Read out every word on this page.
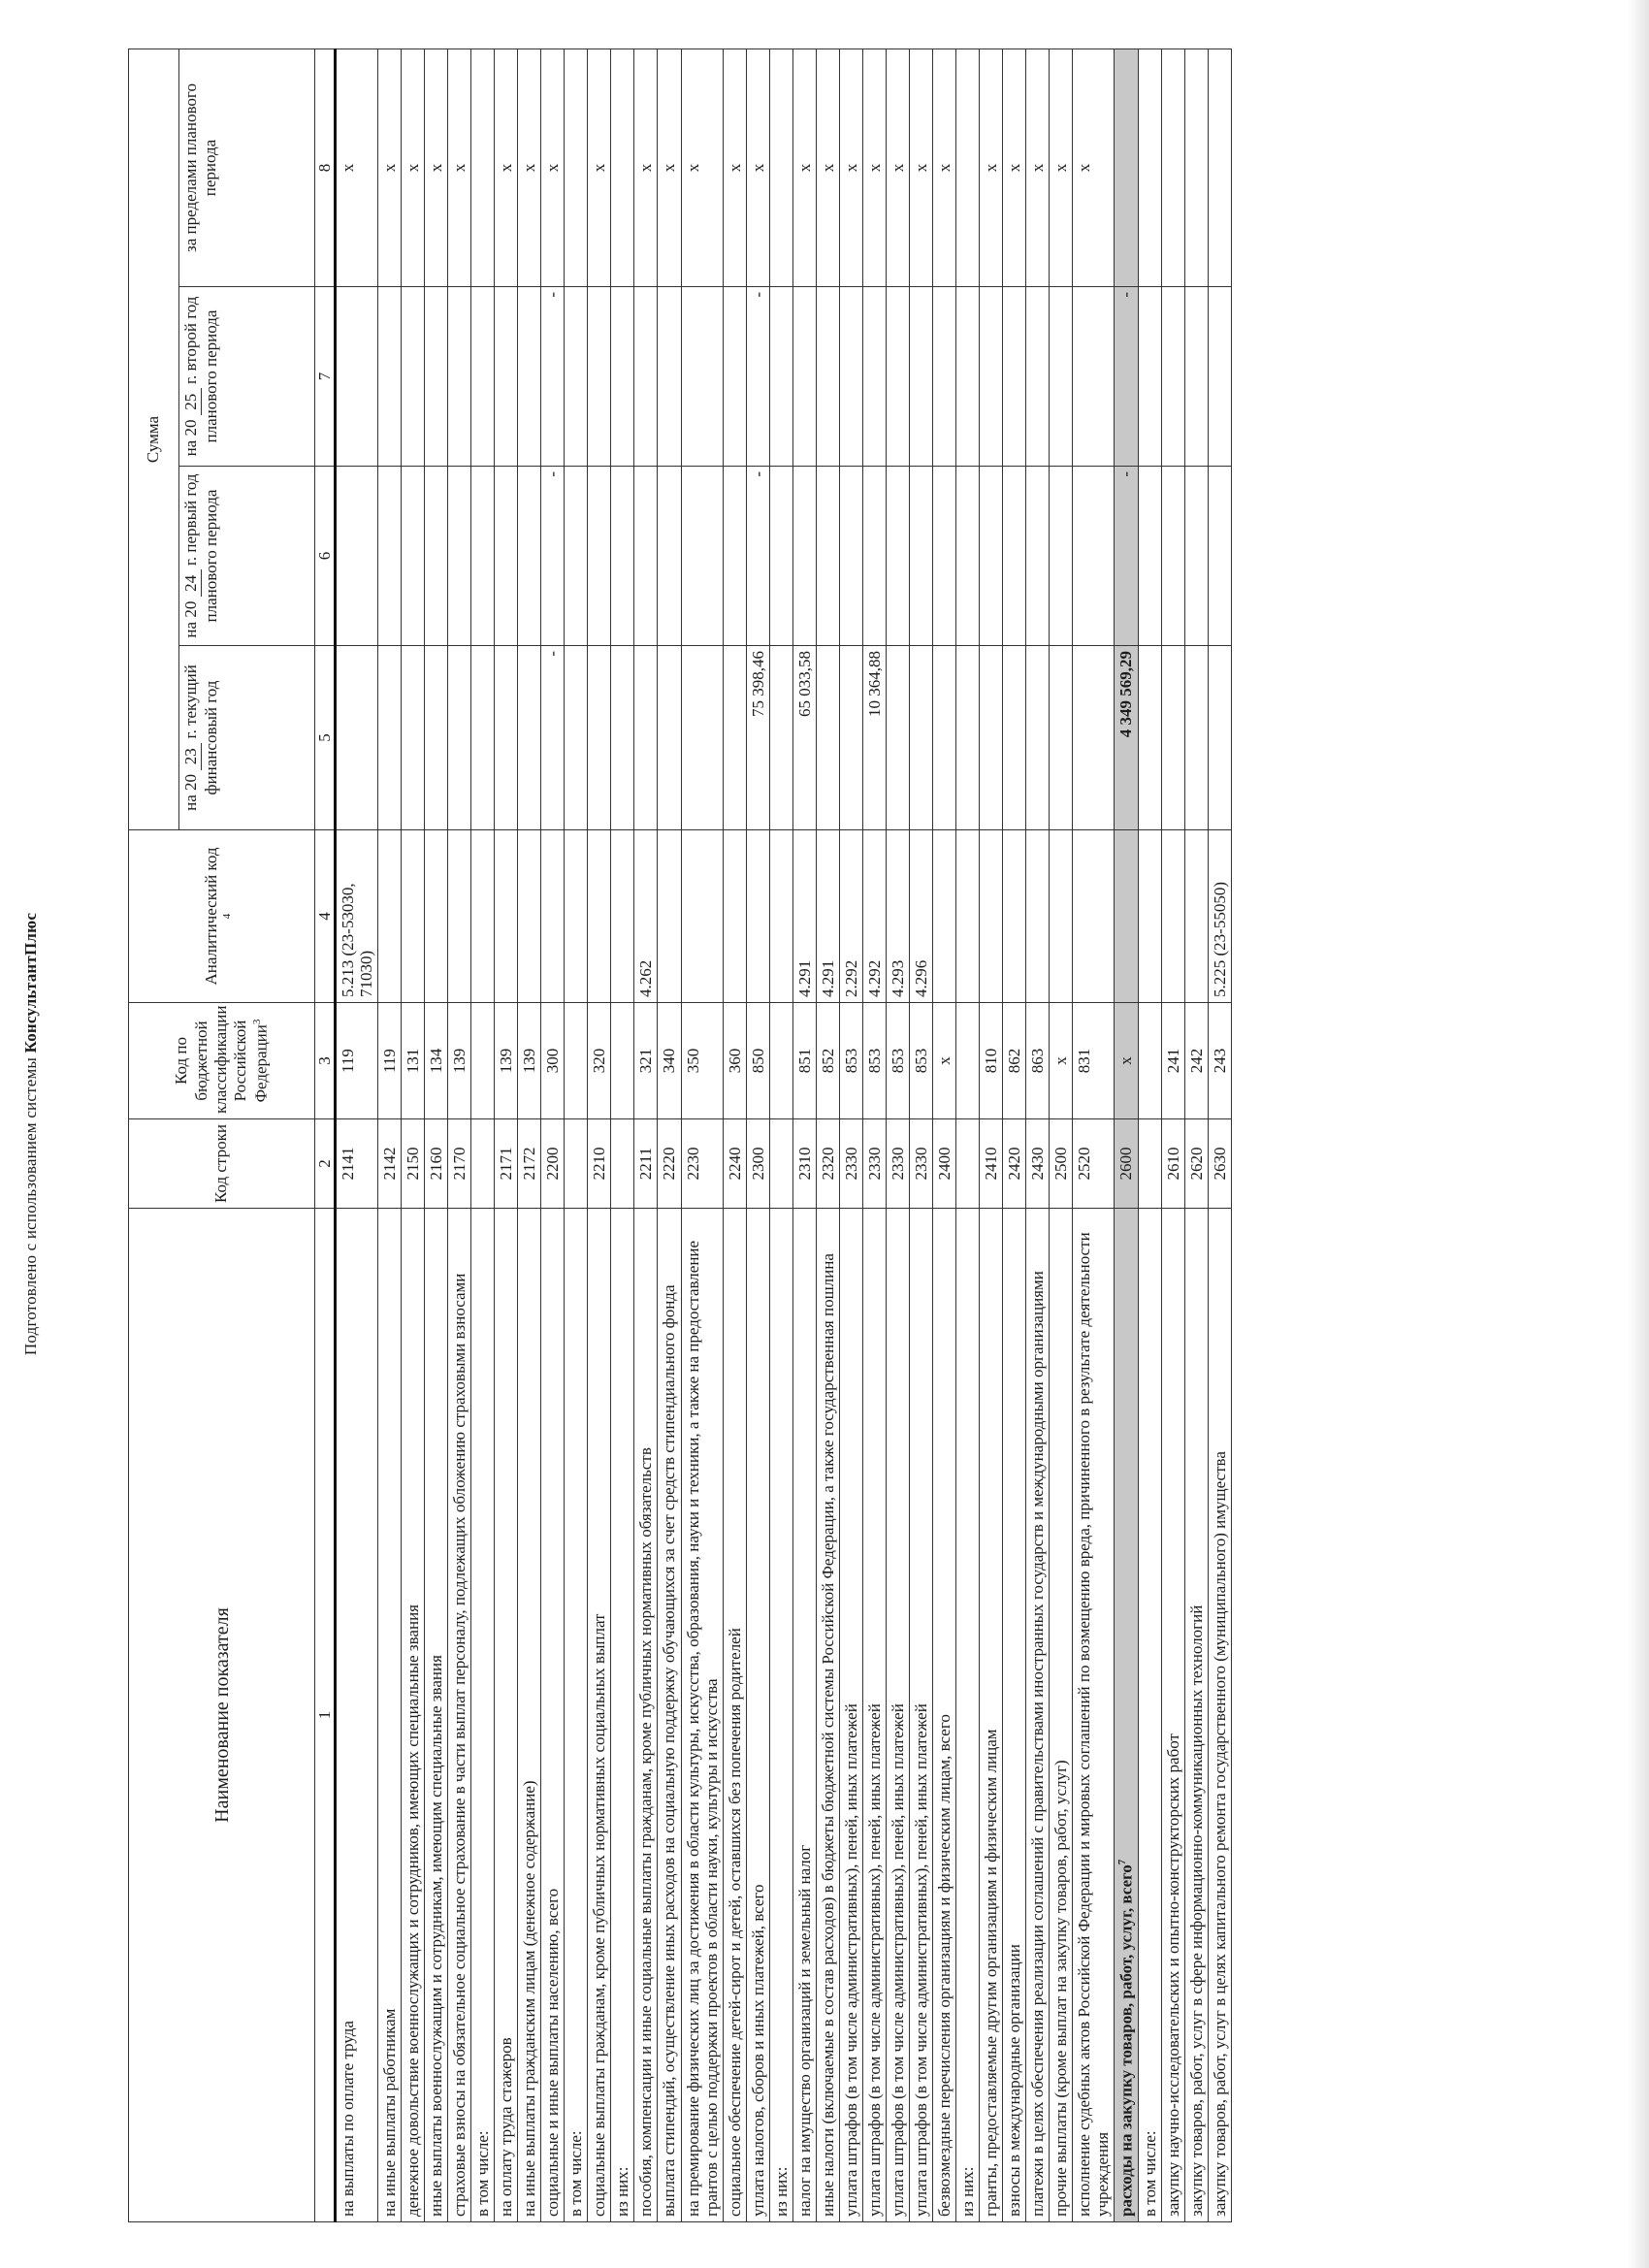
Подготовлено с использованием системы КонсультантПлюс
Наименование показателя	Код строки	Код по бюджетной классификации Российской Федерации$^3$	Аналитический код
$^4$	Сумма			
				на 20 23 г. текущий финансовый год	на 20 24 г. первый год планового периода	на 20 25 г. второй год планового периода	за пределами планового периода
1	2	3	4	5	6	7	8
на выплаты по оплате труда	2141	119	5.213 (23-53030, 71030)				x
на иные выплаты работникам	2142	119					x
денежное довольствие военнослужащих и сотрудников, имеющих специальные звания	2150	131					x
иные выплаты военнослужащим и сотрудникам, имеющим специальные звания	2160	134					x
страховые взносы на обязательное социальное страхование в части выплат персоналу, подлежащих обложению страховыми взносами	2170	139					x
в том числе:							
на оплату труда стажеров	2171	139					x
на иные выплаты гражданским лицам (денежное содержание)	2172	139					x
социальные и иные выплаты населению, всего	2200	300		-	-	-	x
в том числе:							
социальные выплаты гражданам, кроме публичных нормативных социальных выплат	2210	320					x
из них:							
пособия, компенсации и иные социальные выплаты гражданам, кроме публичных нормативных обязательств	2211	321	4.262				x
выплата стипендий, осуществление иных расходов на социальную поддержку обучающихся за счет средств стипендиального фонда	2220	340					x
на премирование физических лиц за достижения в области культуры, искусства, образования, науки и техники, а также на предоставление грантов с целью поддержки проектов в области науки, культуры и искусства	2230	350					x
социальное обеспечение детей-сирот и детей, оставшихся без попечения родителей	2240	360					x
уплата налогов, сборов и иных платежей, всего	2300	850		75 398,46	-	-	x
из них:							
налог на имущество организаций и земельный налог	2310	851	4.291	65 033,58			x
иные налоги (включаемые в состав расходов) в бюджеты бюджетной системы Российской Федерации, а также государственная пошлина	2320	852	4.291				x
уплата штрафов (в том числе административных), пеней, иных платежей	2330	853	2.292				x
уплата штрафов (в том числе административных), пеней, иных платежей	2330	853	4.292	10 364,88			x
уплата штрафов (в том числе административных), пеней, иных платежей	2330	853	4.293				x
уплата штрафов (в том числе административных), пеней, иных платежей	2330	853	4.296				x
безвозмездные перечисления организациям и физическим лицам, всего	2400	x					x
из них:							
гранты, предоставляемые другим организациям и физическим лицам	2410	810					x
взносы в международные организации	2420	862					x
платежи в целях обеспечения реализации соглашений с правительствами иностранных государств и международными организациями	2430	863					x
прочие выплаты (кроме выплат на закупку товаров, работ, услуг)	2500	x					x
исполнение судебных актов Российской Федерации и мировых соглашений по возмещению вреда, причиненного в результате деятельности учреждения	2520	831					x
расходы на закупку товаров, работ, услуг, всего$^7$	2600	x		4 349 569,29	-	-	
в том числе:							
закупку научно-исследовательских и опытно-конструкторских работ	2610	241					
закупку товаров, работ, услуг в сфере информационно-коммуникационных технологий	2620	242					
закупку товаров, работ, услуг в целях капитального ремонта государственного (муниципального) имущества	2630	243	5.225 (23-55050)				
